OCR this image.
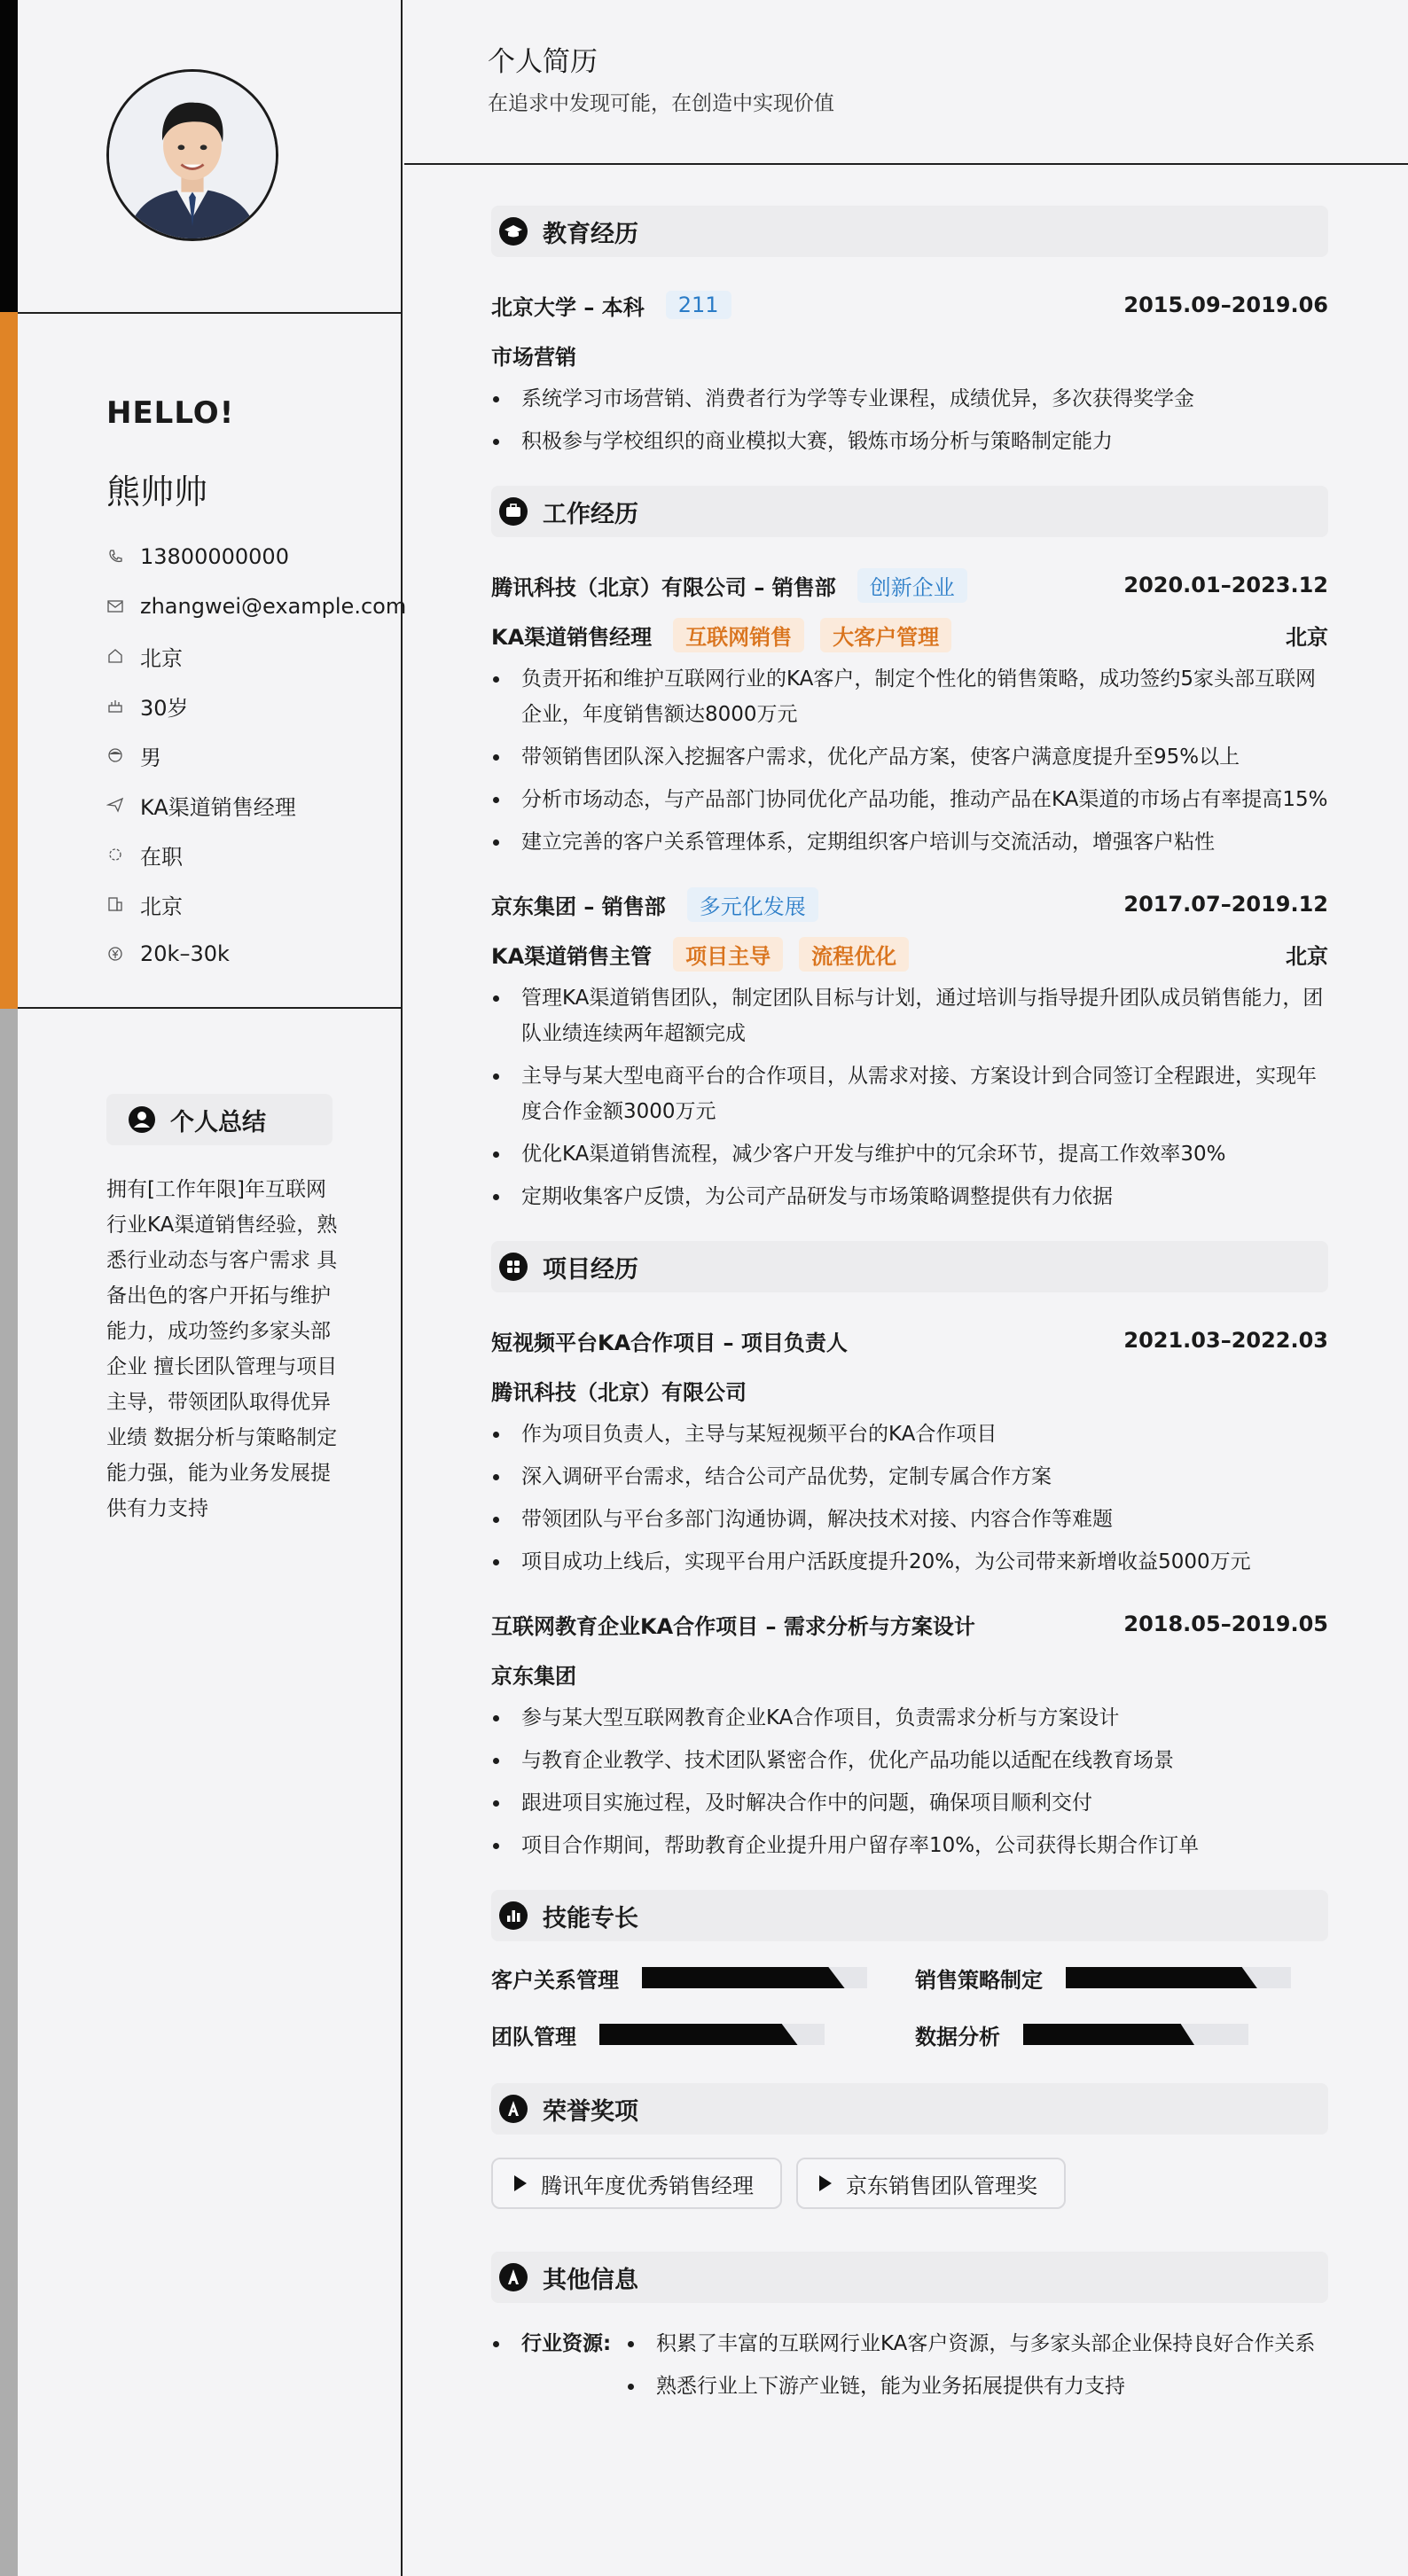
HELLO!
熊帅帅
13800000000
zhangwei@example.com
北京
30岁
男
KA渠道销售经理
在职
北京
20k–30k
个人总结

拥有[工作年限]年互联网行业KA渠道销售经验，熟悉行业动态与客户需求 具备出色的客户开拓与维护能力，成功签约多家头部企业 擅长团队管理与项目主导，带领团队取得优异业绩 数据分析与策略制定能力强，能为业务发展提供有力支持

个人简历

在追求中发现可能，在创造中实现价值

教育经历
北京大学 – 本科	211	2015.09–2019.06
市场营销
系统学习市场营销、消费者行为学等专业课程，成绩优异，多次获得奖学金
积极参与学校组织的商业模拟大赛，锻炼市场分析与策略制定能力
工作经历
腾讯科技（北京）有限公司 – 销售部	创新企业	2020.01–2023.12
KA渠道销售经理	互联网销售	大客户管理	北京
负责开拓和维护互联网行业的KA客户，制定个性化的销售策略，成功签约5家头部互联网企业，年度销售额达8000万元
带领销售团队深入挖掘客户需求，优化产品方案，使客户满意度提升至95%以上
分析市场动态，与产品部门协同优化产品功能，推动产品在KA渠道的市场占有率提高15%
建立完善的客户关系管理体系，定期组织客户培训与交流活动，增强客户粘性
京东集团 – 销售部	多元化发展	2017.07–2019.12
KA渠道销售主管	项目主导	流程优化	北京
管理KA渠道销售团队，制定团队目标与计划，通过培训与指导提升团队成员销售能力，团队业绩连续两年超额完成
主导与某大型电商平台的合作项目，从需求对接、方案设计到合同签订全程跟进，实现年度合作金额3000万元
优化KA渠道销售流程，减少客户开发与维护中的冗余环节，提高工作效率30%
定期收集客户反馈，为公司产品研发与市场策略调整提供有力依据
项目经历
短视频平台KA合作项目 – 项目负责人	2021.03–2022.03
腾讯科技（北京）有限公司
作为项目负责人，主导与某短视频平台的KA合作项目
深入调研平台需求，结合公司产品优势，定制专属合作方案
带领团队与平台多部门沟通协调，解决技术对接、内容合作等难题
项目成功上线后，实现平台用户活跃度提升20%，为公司带来新增收益5000万元
互联网教育企业KA合作项目 – 需求分析与方案设计	2018.05–2019.05
京东集团
参与某大型互联网教育企业KA合作项目，负责需求分析与方案设计
与教育企业教学、技术团队紧密合作，优化产品功能以适配在线教育场景
跟进项目实施过程，及时解决合作中的问题，确保项目顺利交付
项目合作期间，帮助教育企业提升用户留存率10%，公司获得长期合作订单
技能专长
客户关系管理	销售策略制定
团队管理	数据分析
荣誉奖项
腾讯年度优秀销售经理	京东销售团队管理奖
其他信息
行业资源:	积累了丰富的互联网行业KA客户资源，与多家头部企业保持良好合作关系
熟悉行业上下游产业链，能为业务拓展提供有力支持
